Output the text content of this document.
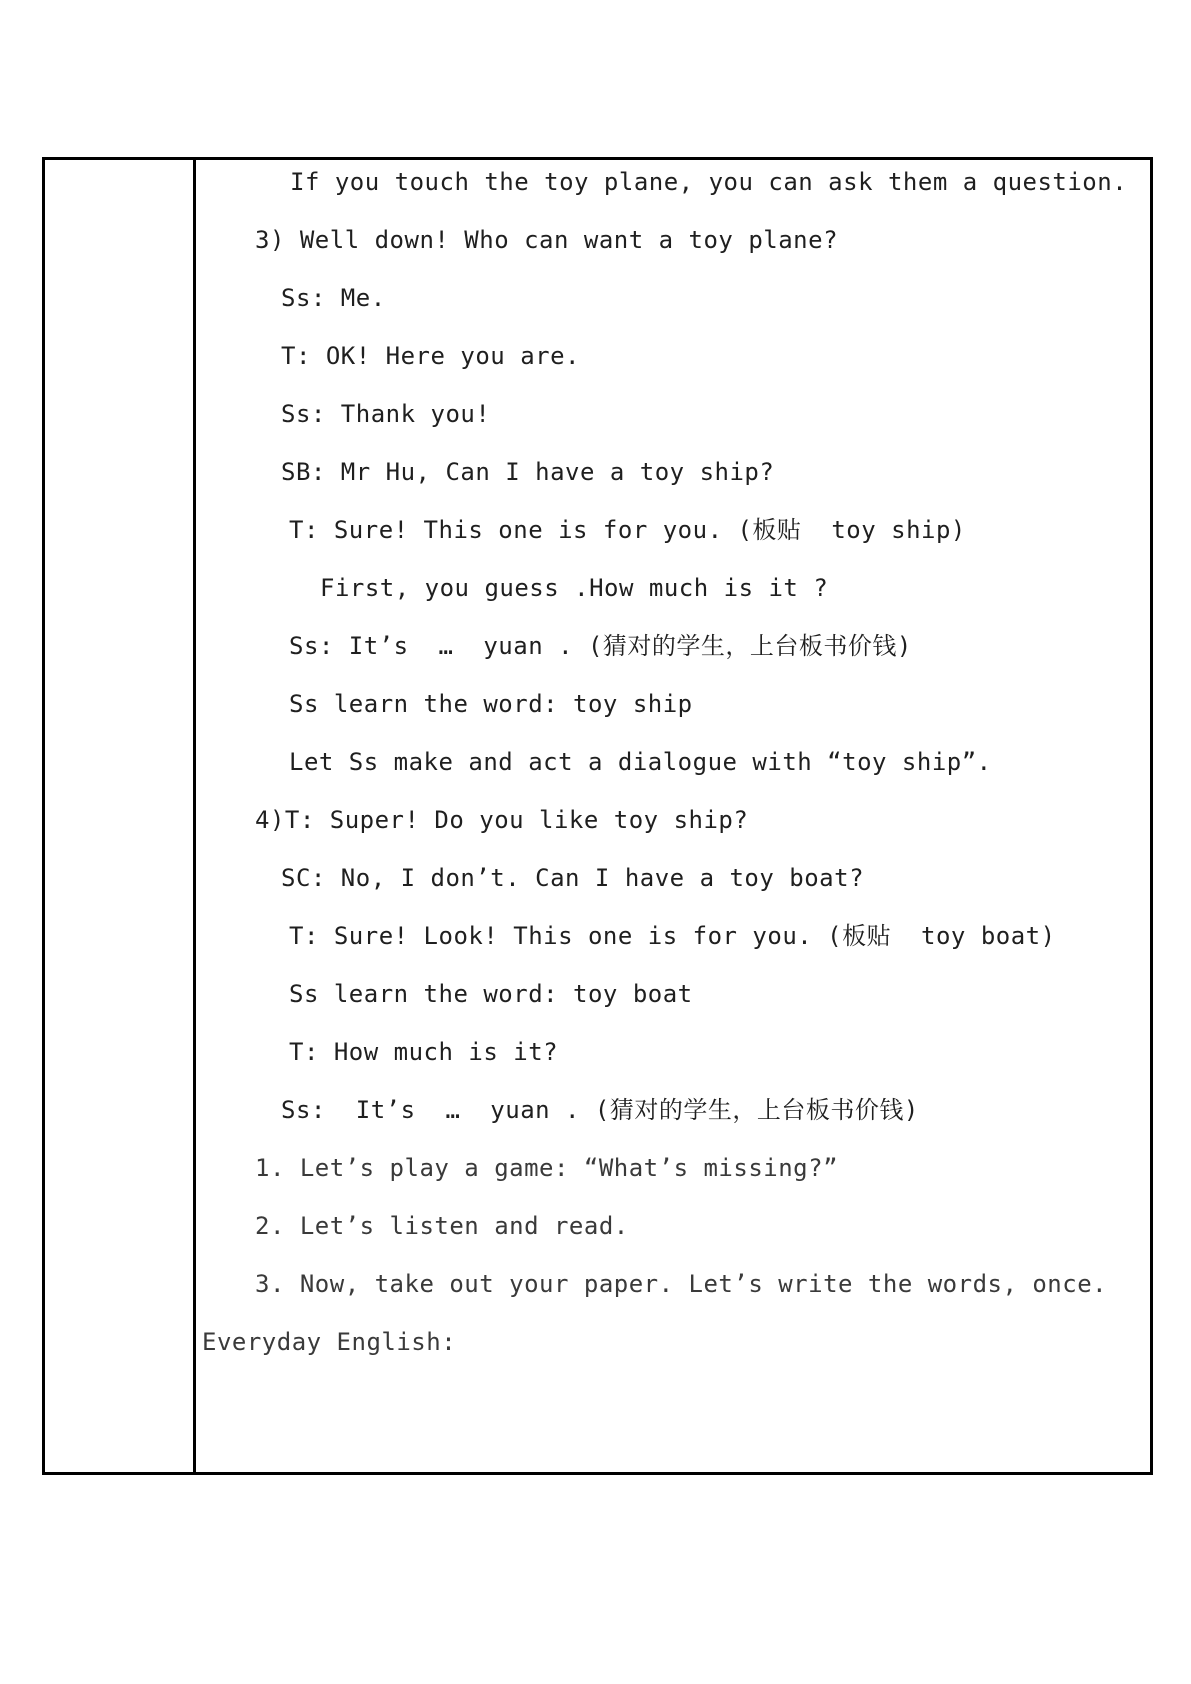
If you touch the toy plane, you can ask them a question.
3) Well down! Who can want a toy plane?
Ss: Me.
T: OK! Here you are.
Ss: Thank you!
SB: Mr Hu, Can I have a toy ship?
T: Sure! This one is for you. (板贴  toy ship)
First, you guess .How much is it ?
Ss: It’s  …  yuan . (猜对的学生，上台板书价钱)
Ss learn the word: toy ship
Let Ss make and act a dialogue with “toy ship”.
4)T: Super! Do you like toy ship?
SC: No, I don’t. Can I have a toy boat?
T: Sure! Look! This one is for you. (板贴  toy boat)
Ss learn the word: toy boat
T: How much is it?
Ss:  It’s  …  yuan . (猜对的学生，上台板书价钱)
1. Let’s play a game: “What’s missing?”
2. Let’s listen and read.
3. Now, take out your paper. Let’s write the words, once.
Everyday English:
